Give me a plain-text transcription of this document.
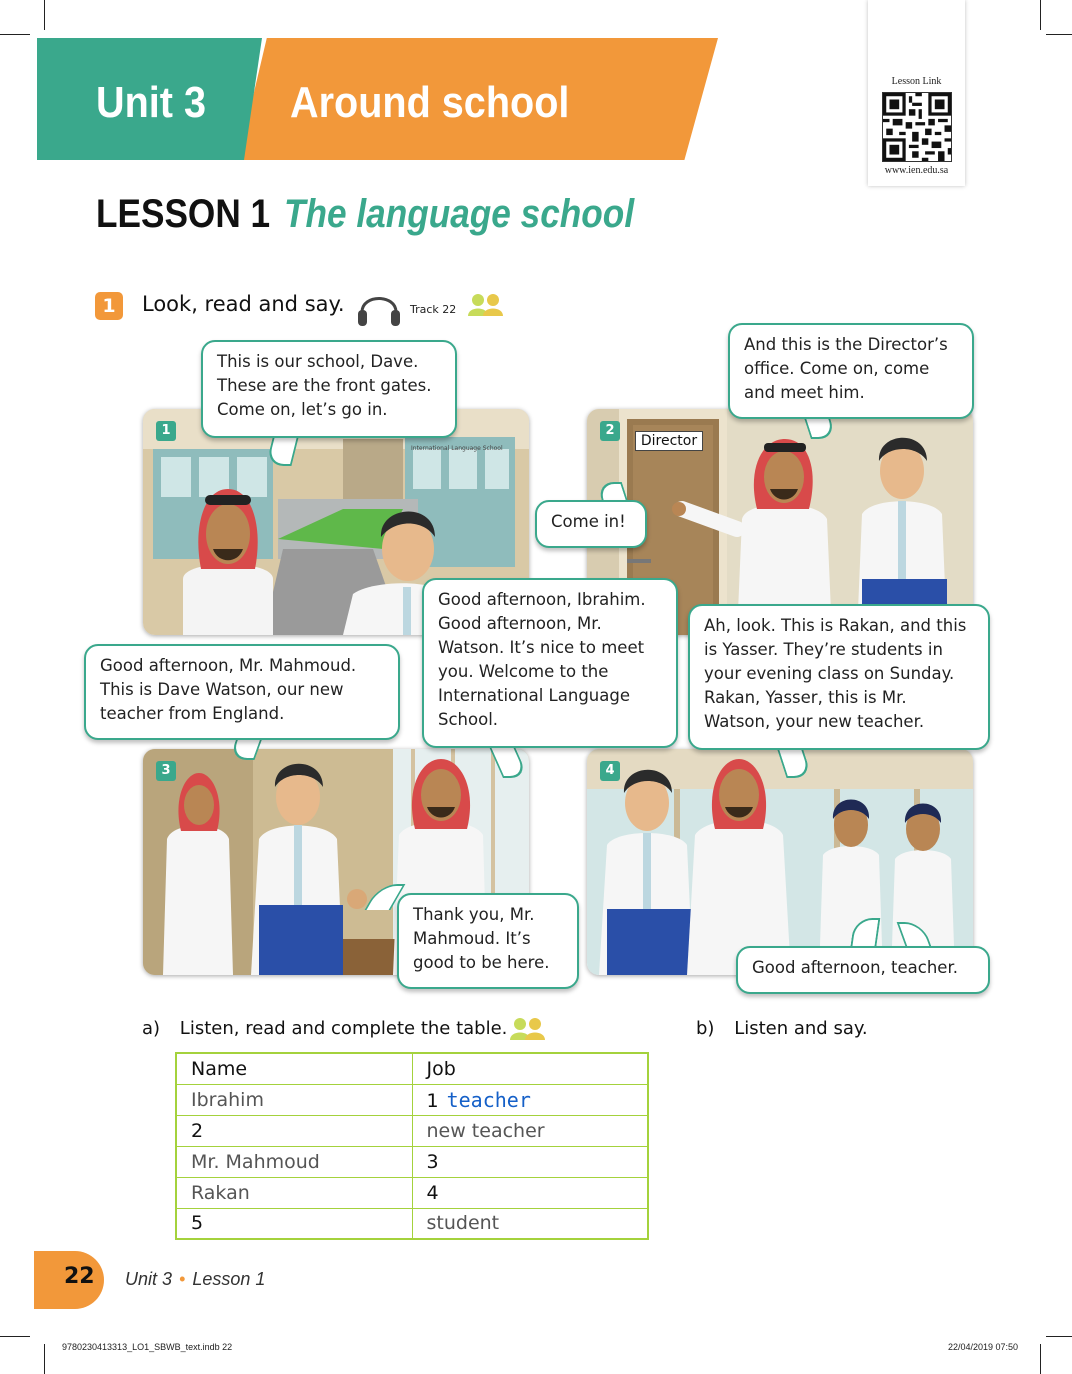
Unit 3 Around school	Lesson Link
www.ien.edu.sa
LESSON 1 The language school
1	Look, read and say.	Track 22
1
International Language School
2
Director
3	4
This is our school, Dave. These are the front gates. Come on, let’s go in.
And this is the Director’s office. Come on, come and meet him.
Come in!
Good afternoon, Mr. Mahmoud. This is Dave Watson, our new teacher from England.
Good afternoon, Ibrahim. Good afternoon, Mr. Watson. It’s nice to meet you. Welcome to the International Language School.
Ah, look. This is Rakan, and this is Yasser. They’re students in your evening class on Sunday. Rakan, Yasser, this is Mr. Watson, your new teacher.
Thank you, Mr. Mahmoud. It’s good to be here.	Good afternoon, teacher.
a) Listen, read and complete the table.	b) Listen and say.
Name	Job
Ibrahim	1 teacher
2	new teacher
Mr. Mahmoud	3
Rakan	4
5	student
22 Unit 3 • Lesson 1
9780230413313_LO1_SBWB_text.indb 22	22/04/2019 07:50
